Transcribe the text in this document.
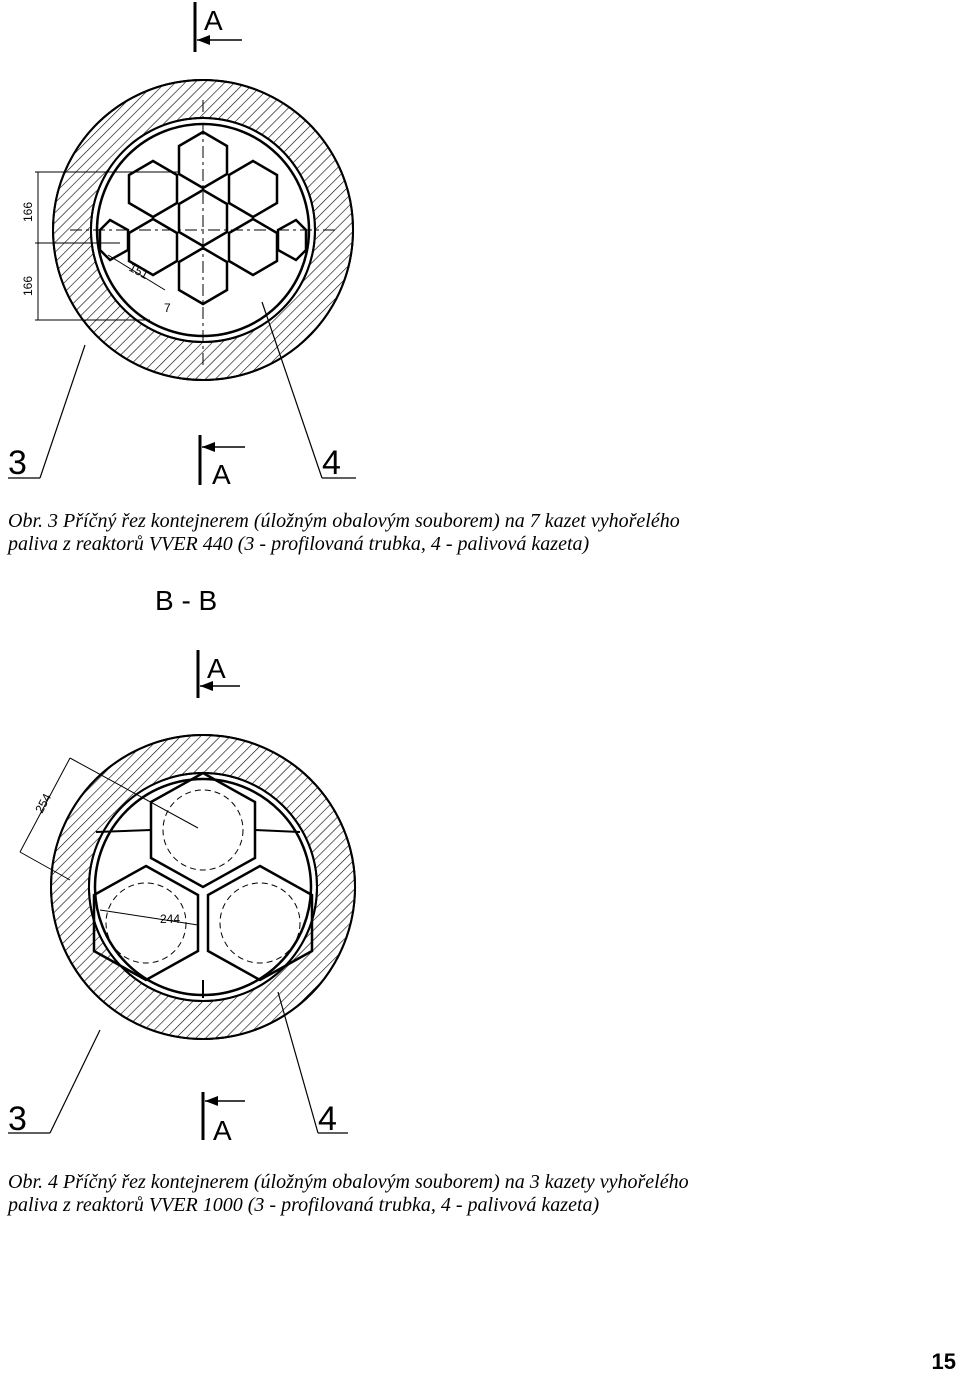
A
166
166
151
7
3	4
A
Obr. 3 Příčný řez kontejnerem (úložným obalovým souborem) na 7 kazet vyhořelého
paliva z reaktorů VVER 440 (3 - profilovaná trubka, 4 - palivová kazeta)
B - B
A
254
244
3	4
A
Obr. 4 Příčný řez kontejnerem (úložným obalovým souborem) na 3 kazety vyhořelého
paliva z reaktorů VVER 1000 (3 - profilovaná trubka, 4 - palivová kazeta)
15
